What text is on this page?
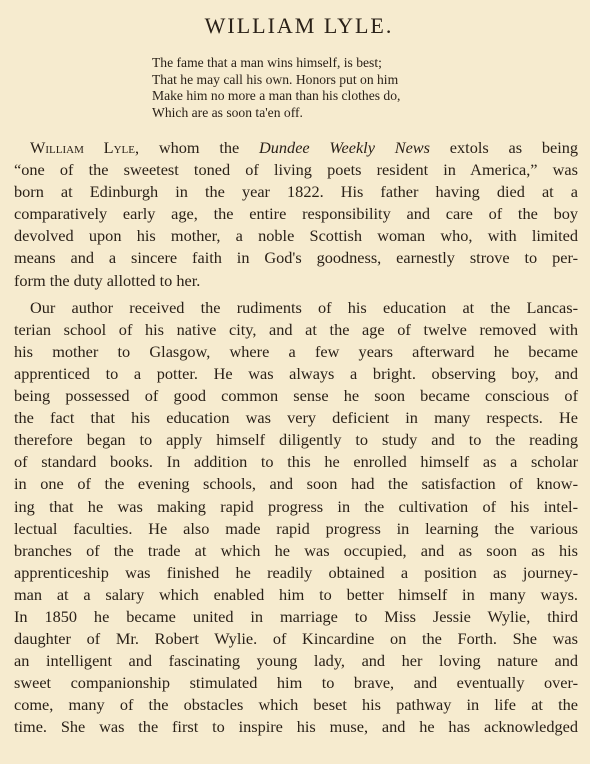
WILLIAM LYLE.
The fame that a man wins himself, is best;
That he may call his own. Honors put on him
Make him no more a man than his clothes do,
Which are as soon ta'en off.
William Lyle, whom the Dundee Weekly News extols as being
“one of the sweetest toned of living poets resident in America,” was
born at Edinburgh in the year 1822. His father having died at a
comparatively early age, the entire responsibility and care of the boy
devolved upon his mother, a noble Scottish woman who, with limited
means and a sincere faith in God's goodness, earnestly strove to per-
form the duty allotted to her.
Our author received the rudiments of his education at the Lancas-
terian school of his native city, and at the age of twelve removed with
his mother to Glasgow, where a few years afterward he became
apprenticed to a potter. He was always a bright. observing boy, and
being possessed of good common sense he soon became conscious of
the fact that his education was very deficient in many respects. He
therefore began to apply himself diligently to study and to the reading
of standard books. In addition to this he enrolled himself as a scholar
in one of the evening schools, and soon had the satisfaction of know-
ing that he was making rapid progress in the cultivation of his intel-
lectual faculties. He also made rapid progress in learning the various
branches of the trade at which he was occupied, and as soon as his
apprenticeship was finished he readily obtained a position as journey-
man at a salary which enabled him to better himself in many ways.
In 1850 he became united in marriage to Miss Jessie Wylie, third
daughter of Mr. Robert Wylie. of Kincardine on the Forth. She was
an intelligent and fascinating young lady, and her loving nature and
sweet companionship stimulated him to brave, and eventually over-
come, many of the obstacles which beset his pathway in life at the
time. She was the first to inspire his muse, and he has acknowledged
